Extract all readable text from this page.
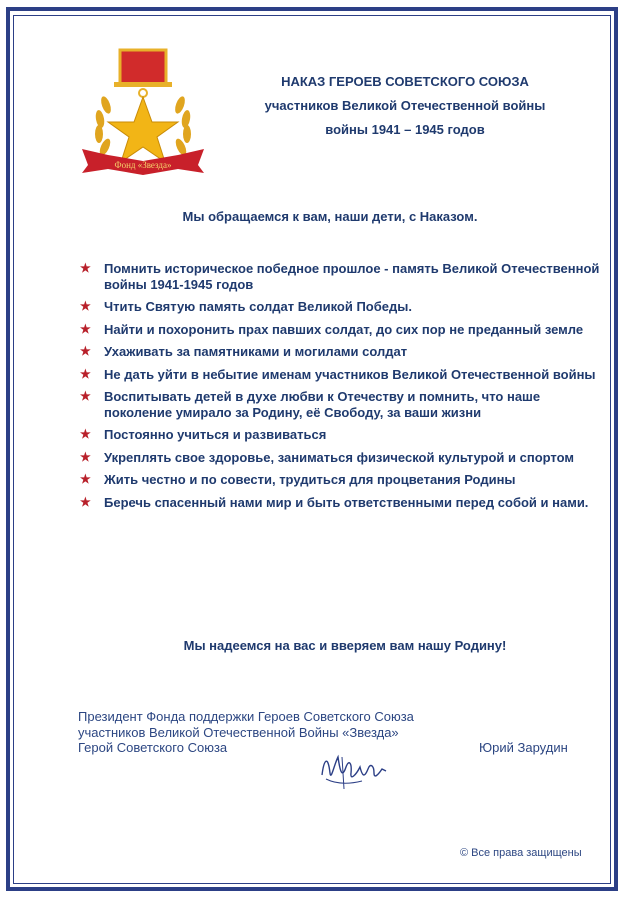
Фонд «Звезда»
НАКАЗ ГЕРОЕВ СОВЕТСКОГО СОЮЗА
участников Великой Отечественной войны
войны 1941 – 1945 годов
Мы обращаемся к вам, наши дети, с Наказом.
★ Помнить историческое победное прошлое - память Великой Отечественной войны 1941-1945 годов
★ Чтить Святую память солдат Великой Победы.
★ Найти и похоронить прах павших солдат, до сих пор не преданный земле
★ Ухаживать за памятниками и могилами солдат
★ Не дать уйти в небытие именам участников Великой Отечественной войны
★ Воспитывать детей в духе любви к Отечеству и помнить, что наше поколение умирало за Родину, её Свободу, за ваши жизни
★ Постоянно учиться и развиваться
★ Укреплять свое здоровье, заниматься физической культурой и спортом
★ Жить честно и по совести, трудиться для процветания Родины
★ Беречь спасенный нами мир и быть ответственными перед собой и нами.
Мы надеемся на вас и вверяем вам нашу Родину!
Президент Фонда поддержки Героев Советского Союза
участников Великой Отечественной Войны «Звезда»
Герой Советского Союза	Юрий Зарудин
© Все права защищены
